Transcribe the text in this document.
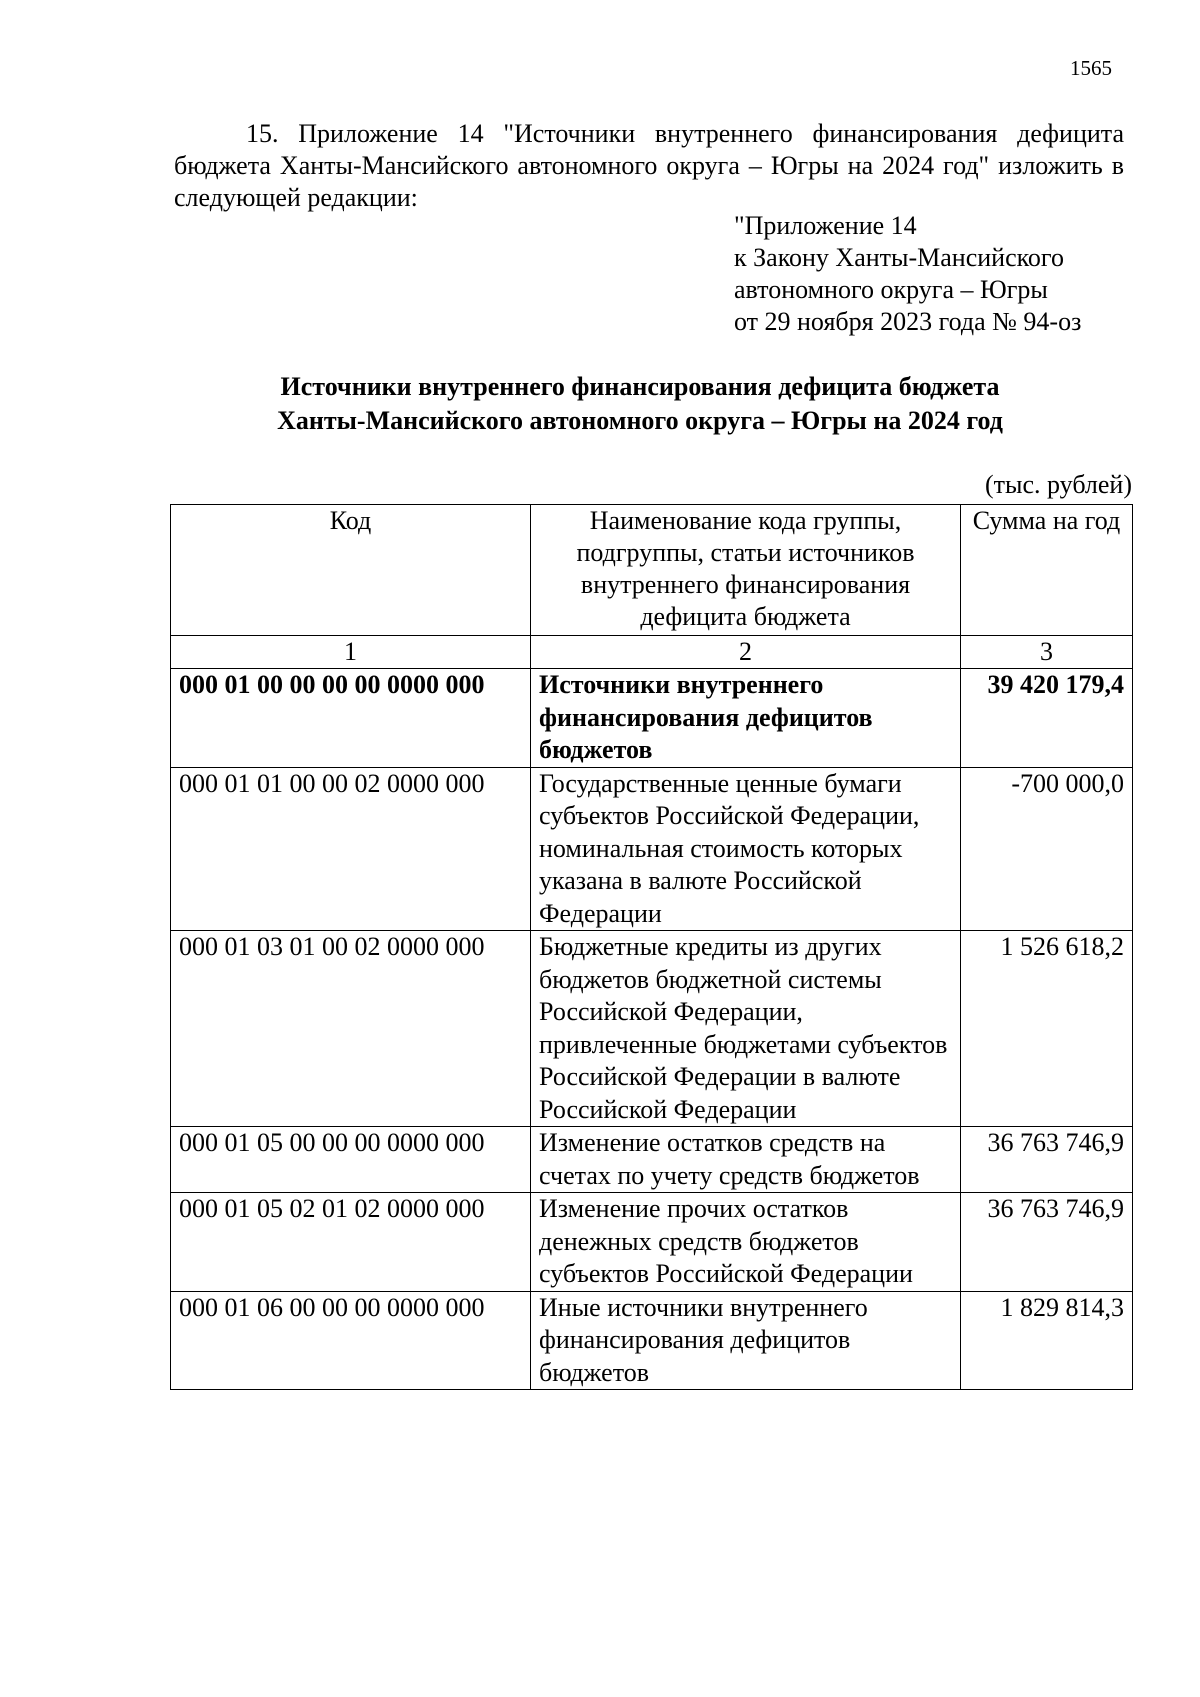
1565
15. Приложение 14 "Источники внутреннего финансирования дефицита бюджета Ханты-Мансийского автономного округа – Югры на 2024 год" изложить в следующей редакции:
"Приложение 14
к Закону Ханты-Мансийского
автономного округа – Югры
от 29 ноября 2023 года № 94-оз
Источники внутреннего финансирования дефицита бюджета
Ханты-Мансийского автономного округа – Югры на 2024 год
(тыс. рублей)
Код	Наименование кода группы, подгруппы, статьи источников внутреннего финансирования дефицита бюджета	Сумма на год
1	2	3
000 01 00 00 00 00 0000 000	Источники внутреннего финансирования дефицитов бюджетов	39 420 179,4
000 01 01 00 00 02 0000 000	Государственные ценные бумаги субъектов Российской Федерации, номинальная стоимость которых указана в валюте Российской Федерации	-700 000,0
000 01 03 01 00 02 0000 000	Бюджетные кредиты из других бюджетов бюджетной системы Российской Федерации, привлеченные бюджетами субъектов Российской Федерации в валюте Российской Федерации	1 526 618,2
000 01 05 00 00 00 0000 000	Изменение остатков средств на счетах по учету средств бюджетов	36 763 746,9
000 01 05 02 01 02 0000 000	Изменение прочих остатков денежных средств бюджетов субъектов Российской Федерации	36 763 746,9
000 01 06 00 00 00 0000 000	Иные источники внутреннего финансирования дефицитов бюджетов	1 829 814,3
